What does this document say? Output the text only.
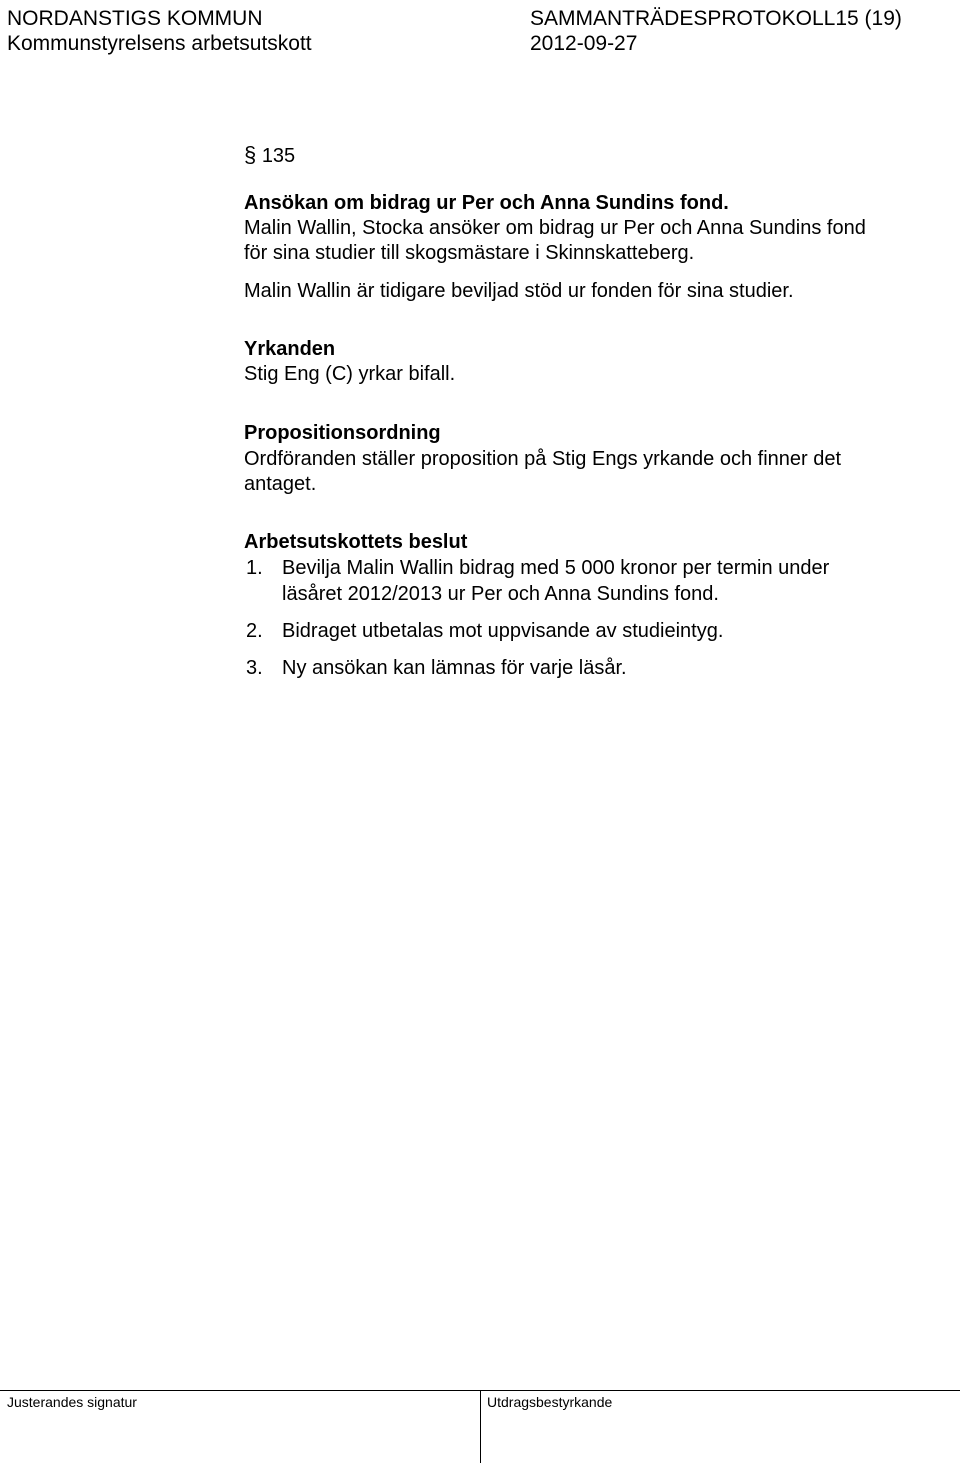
NORDANSTIGS KOMMUN
Kommunstyrelsens arbetsutskott
SAMMANTRÄDESPROTOKOLL15 (19)
2012-09-27
§ 135
Ansökan om bidrag ur Per och Anna Sundins fond.
Malin Wallin, Stocka ansöker om bidrag ur Per och Anna Sundins fond
för sina studier till skogsmästare i Skinnskatteberg.
Malin Wallin är tidigare beviljad stöd ur fonden för sina studier.
Yrkanden
Stig Eng (C) yrkar bifall.
Propositionsordning
Ordföranden ställer proposition på Stig Engs yrkande och finner det
antaget.
Arbetsutskottets beslut
1. Bevilja Malin Wallin bidrag med 5 000 kronor per termin under
läsåret 2012/2013 ur Per och Anna Sundins fond.
2. Bidraget utbetalas mot uppvisande av studieintyg.
3. Ny ansökan kan lämnas för varje läsår.
Justerandes signatur	Utdragsbestyrkande
